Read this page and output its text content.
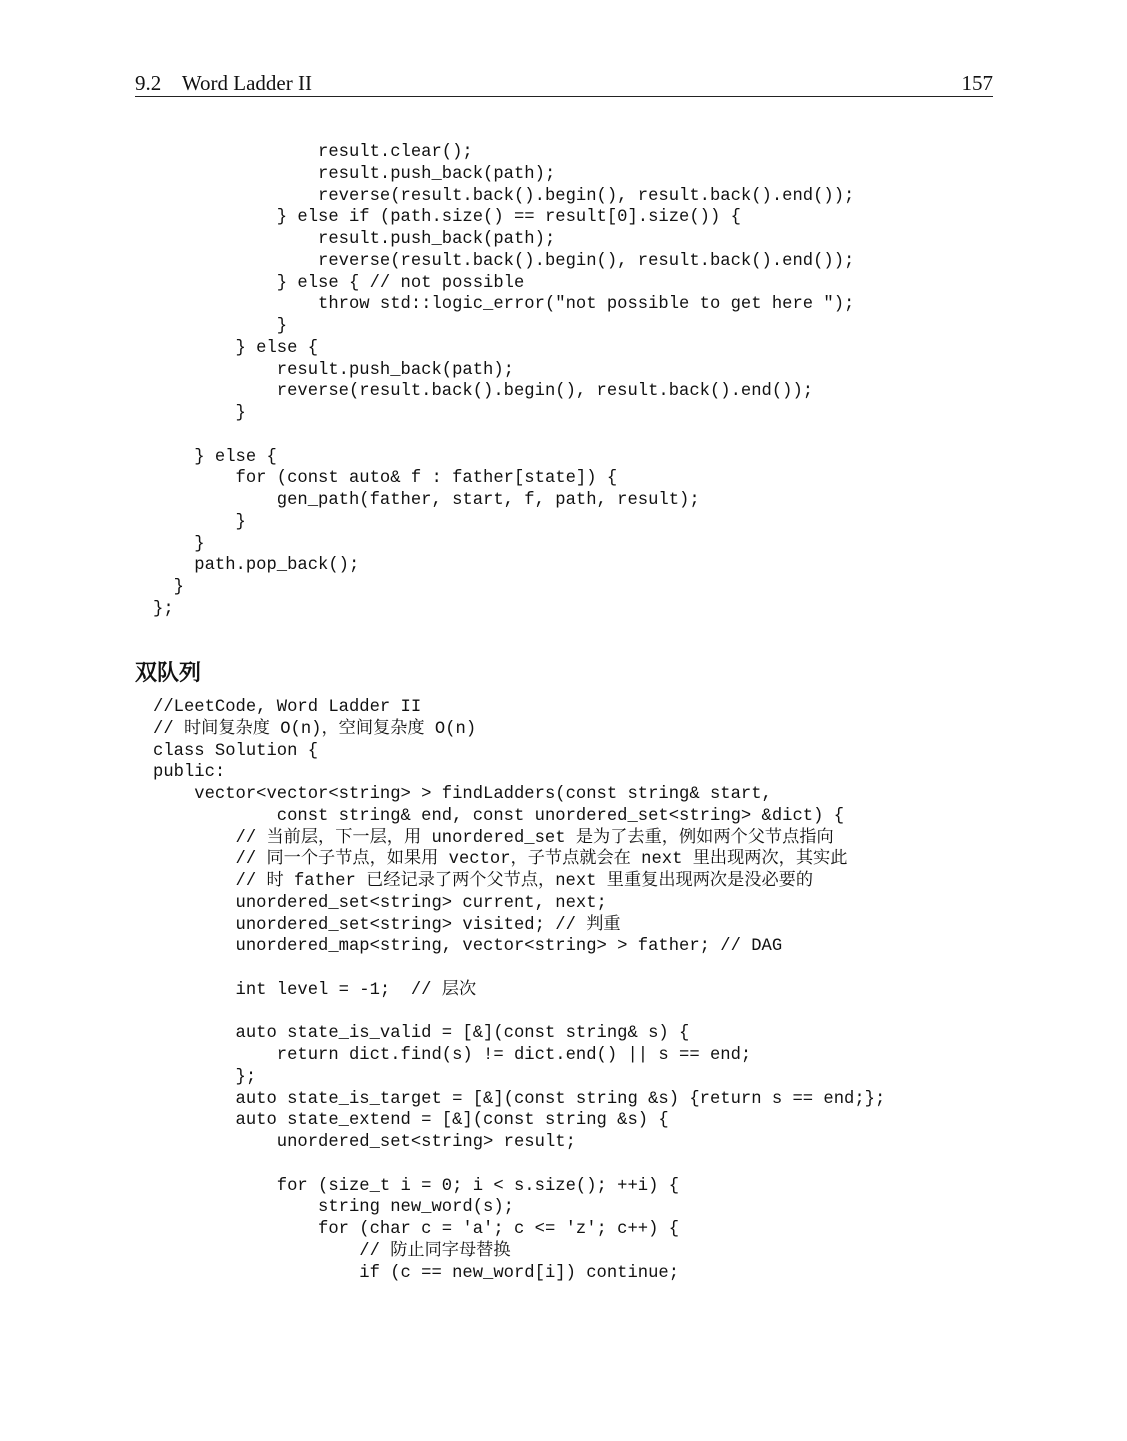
9.2    Word Ladder II	157
result.clear();
result.push_back(path);
reverse(result.back().begin(), result.back().end());
} else if (path.size() == result[0].size()) {
result.push_back(path);
reverse(result.back().begin(), result.back().end());
} else { // not possible
throw std::logic_error("not possible to get here ");
}
} else {
result.push_back(path);
reverse(result.back().begin(), result.back().end());
}
} else {
for (const auto& f : father[state]) {
gen_path(father, start, f, path, result);
}
}
path.pop_back();
}
};
双队列
//LeetCode, Word Ladder II
// 时间复杂度 O(n)，空间复杂度 O(n)
class Solution {
public:
vector<vector<string> > findLadders(const string& start,
const string& end, const unordered_set<string> &dict) {
// 当前层，下一层，用 unordered_set 是为了去重，例如两个父节点指向
// 同一个子节点，如果用 vector，子节点就会在 next 里出现两次，其实此
// 时 father 已经记录了两个父节点，next 里重复出现两次是没必要的
unordered_set<string> current, next;
unordered_set<string> visited; // 判重
unordered_map<string, vector<string> > father; // DAG
int level = -1;  // 层次
auto state_is_valid = [&](const string& s) {
return dict.find(s) != dict.end() || s == end;
};
auto state_is_target = [&](const string &s) {return s == end;};
auto state_extend = [&](const string &s) {
unordered_set<string> result;
for (size_t i = 0; i < s.size(); ++i) {
string new_word(s);
for (char c = 'a'; c <= 'z'; c++) {
// 防止同字母替换
if (c == new_word[i]) continue;
